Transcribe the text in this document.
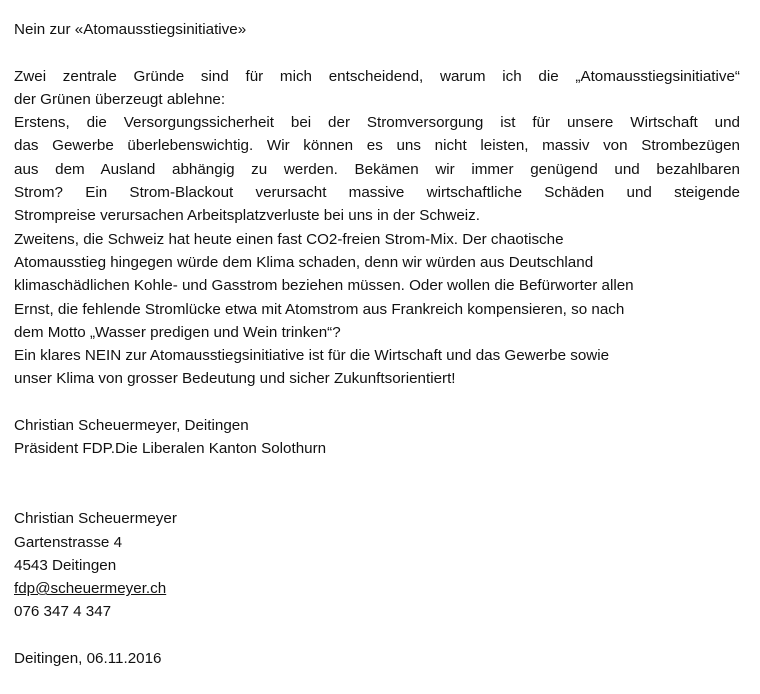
Nein zur «Atomausstiegsinitiative»
Zwei zentrale Gründe sind für mich entscheidend, warum ich die „Atomausstiegsinitiative“
der Grünen überzeugt ablehne:
Erstens, die Versorgungssicherheit bei der Stromversorgung ist für unsere Wirtschaft und
das Gewerbe überlebenswichtig. Wir können es uns nicht leisten, massiv von Strombezügen
aus dem Ausland abhängig zu werden. Bekämen wir immer genügend und bezahlbaren
Strom? Ein Strom-Blackout verursacht massive wirtschaftliche Schäden und steigende
Strompreise verursachen Arbeitsplatzverluste bei uns in der Schweiz.
Zweitens, die Schweiz hat heute einen fast CO2-freien Strom-Mix. Der chaotische
Atomausstieg hingegen würde dem Klima schaden, denn wir würden aus Deutschland
klimaschädlichen Kohle- und Gasstrom beziehen müssen. Oder wollen die Befürworter allen
Ernst, die fehlende Stromlücke etwa mit Atomstrom aus Frankreich kompensieren, so nach
dem Motto „Wasser predigen und Wein trinken“?
Ein klares NEIN zur Atomausstiegsinitiative ist für die Wirtschaft und das Gewerbe sowie
unser Klima von grosser Bedeutung und sicher Zukunftsorientiert!
Christian Scheuermeyer, Deitingen
Präsident FDP.Die Liberalen Kanton Solothurn
Christian Scheuermeyer
Gartenstrasse 4
4543 Deitingen
fdp@scheuermeyer.ch
076 347 4 347
Deitingen, 06.11.2016
